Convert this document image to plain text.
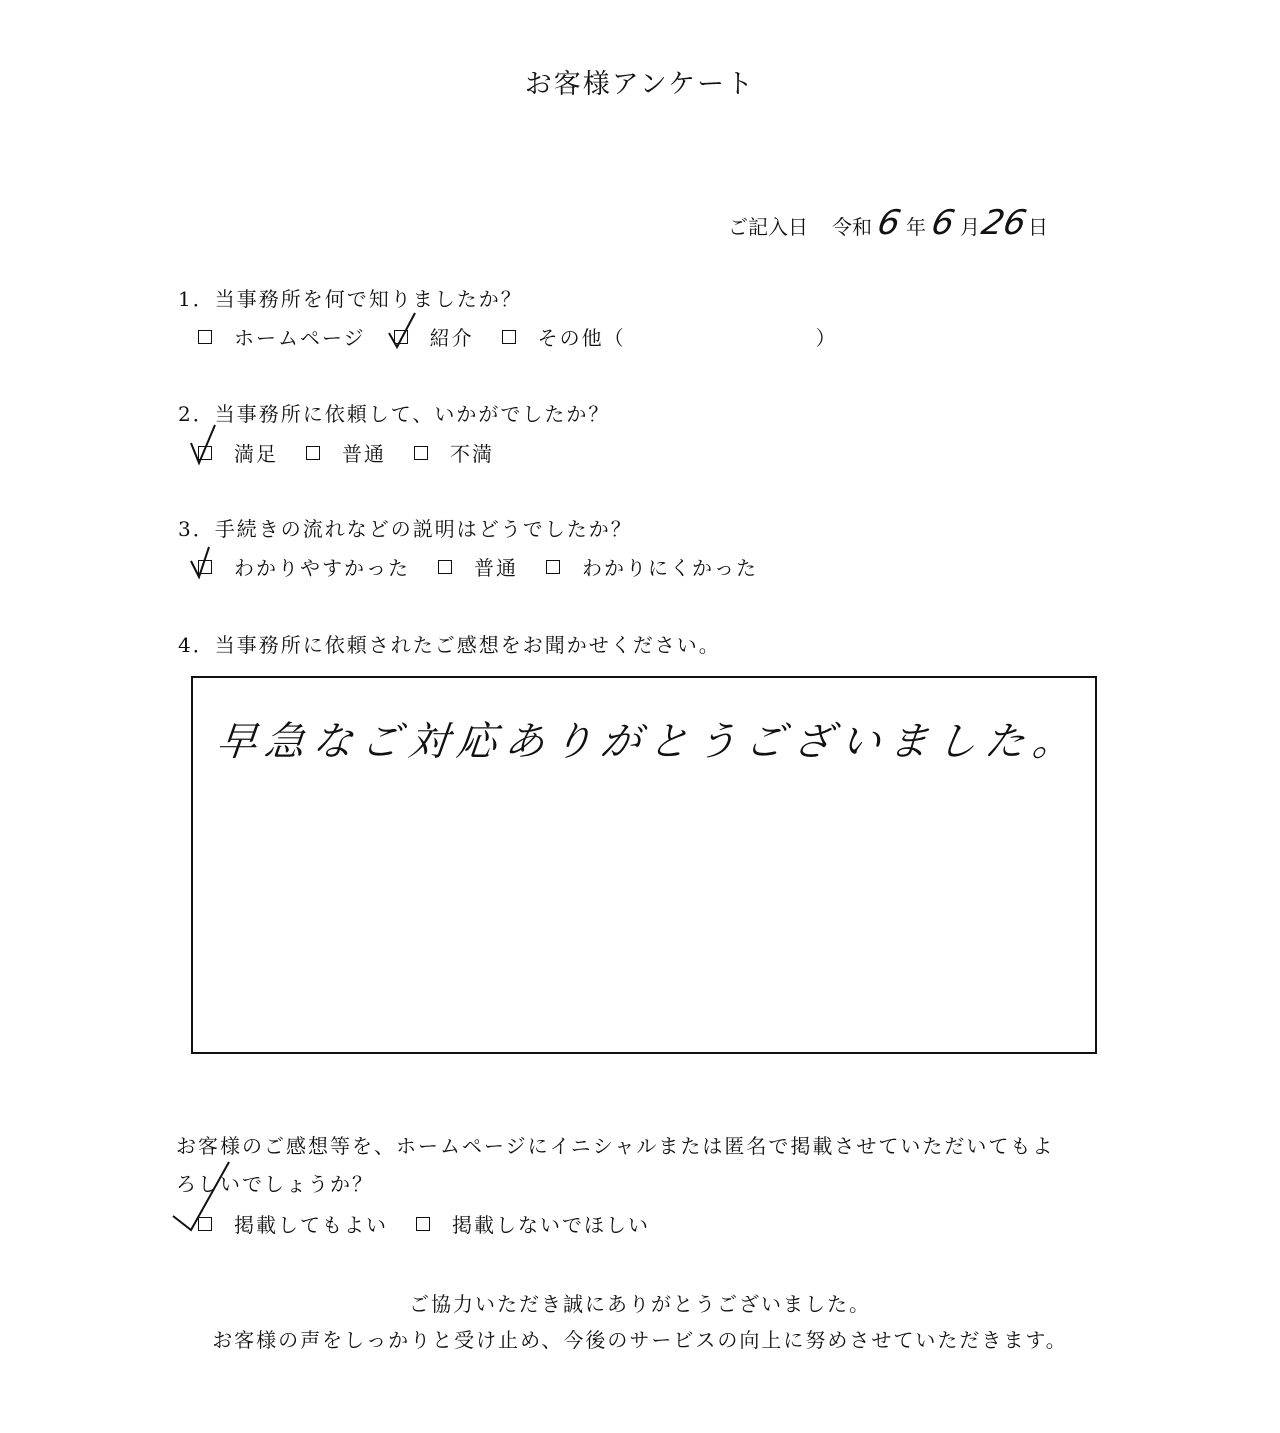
お客様アンケート
ご記入日 令和 6 年 6 月
26
日
1．当事務所を何で知りましたか？
ホームページ	紹介	その他（	）
2．当事務所に依頼して、いかがでしたか？
満足	普通	不満
3．手続きの流れなどの説明はどうでしたか？
わかりやすかった	普通	わかりにくかった
4．当事務所に依頼されたご感想をお聞かせください。
早急なご対応ありがとうございました。
お客様のご感想等を、ホームページにイニシャルまたは匿名で掲載させていただいてもよ
ろしいでしょうか？
掲載してもよい	掲載しないでほしい
ご協力いただき誠にありがとうございました。
お客様の声をしっかりと受け止め、今後のサービスの向上に努めさせていただきます。
